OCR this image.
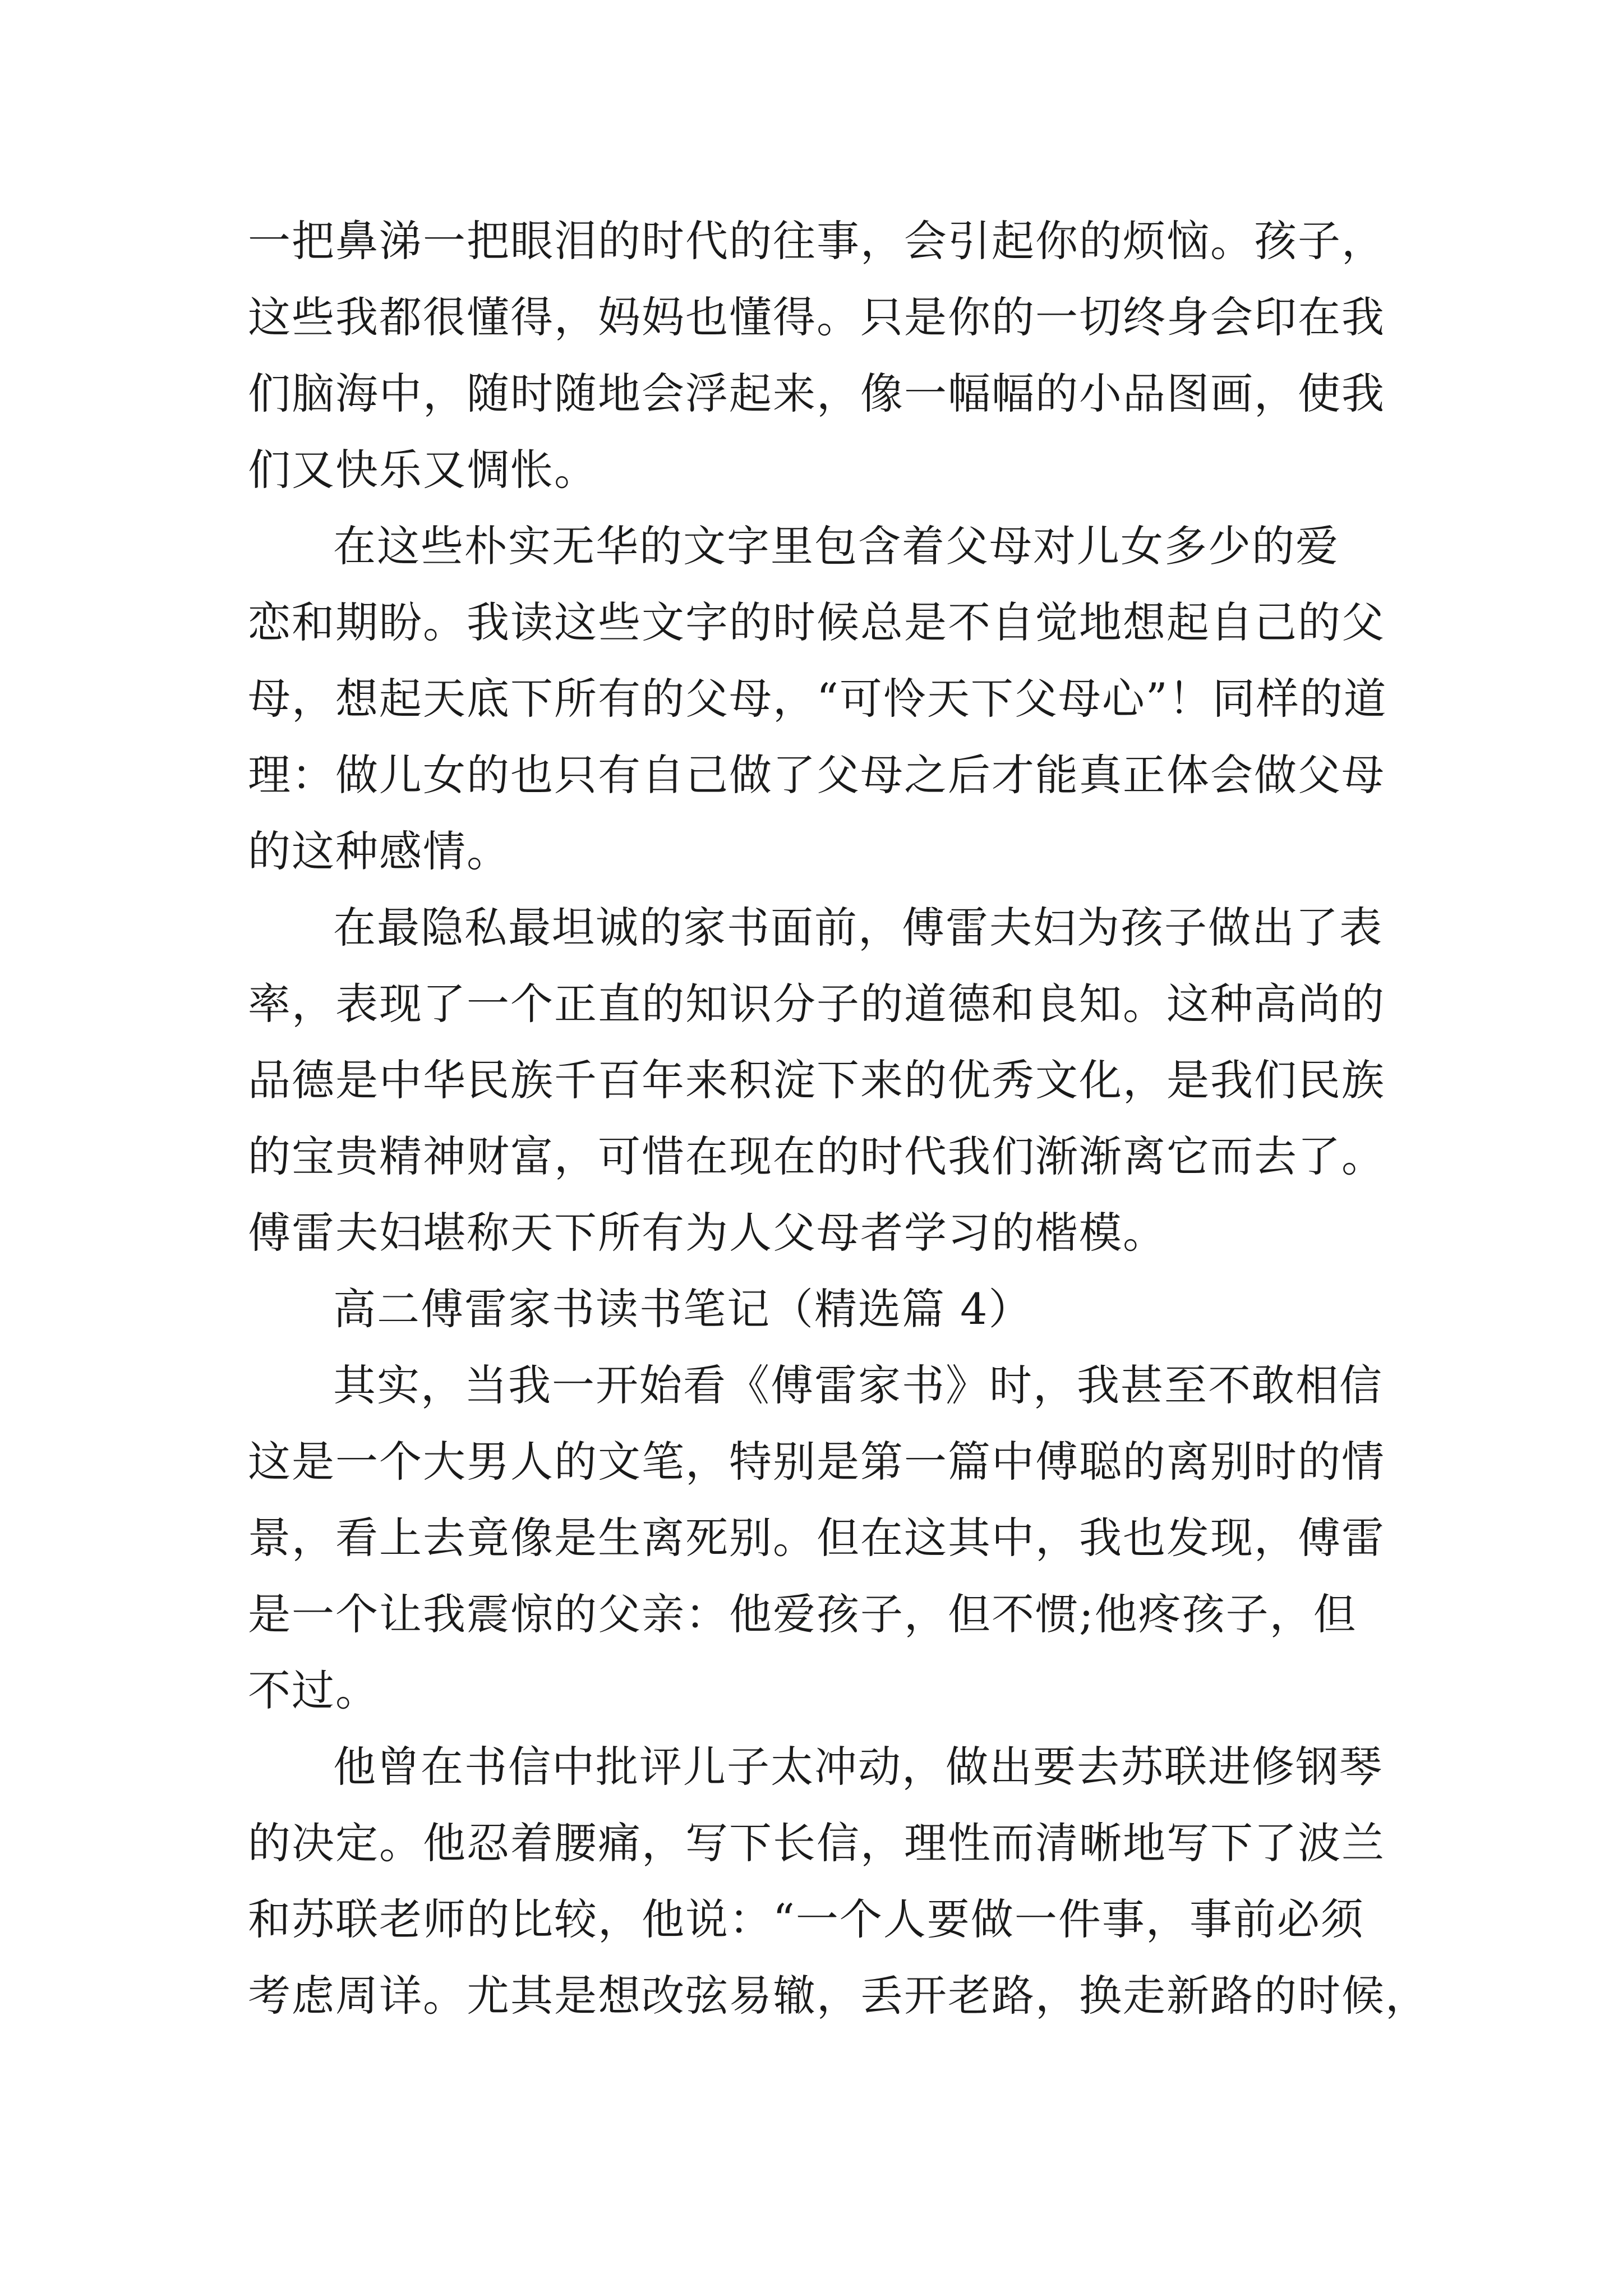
一把鼻涕一把眼泪的时代的往事，会引起你的烦恼。孩子，
这些我都很懂得，妈妈也懂得。只是你的一切终身会印在我
们脑海中，随时随地会浮起来，像一幅幅的小品图画，使我
们又快乐又惆怅。
在这些朴实无华的文字里包含着父母对儿女多少的爱
恋和期盼。我读这些文字的时候总是不自觉地想起自己的父
母，想起天底下所有的父母，“可怜天下父母心”！同样的道
理：做儿女的也只有自己做了父母之后才能真正体会做父母
的这种感情。
在最隐私最坦诚的家书面前，傅雷夫妇为孩子做出了表
率，表现了一个正直的知识分子的道德和良知。这种高尚的
品德是中华民族千百年来积淀下来的优秀文化，是我们民族
的宝贵精神财富，可惜在现在的时代我们渐渐离它而去了。
傅雷夫妇堪称天下所有为人父母者学习的楷模。
高二傅雷家书读书笔记（精选篇 4）
其实，当我一开始看《傅雷家书》时，我甚至不敢相信
这是一个大男人的文笔，特别是第一篇中傅聪的离别时的情
景，看上去竟像是生离死别。但在这其中，我也发现，傅雷
是一个让我震惊的父亲：他爱孩子，但不惯;他疼孩子，但
不过。
他曾在书信中批评儿子太冲动，做出要去苏联进修钢琴
的决定。他忍着腰痛，写下长信，理性而清晰地写下了波兰
和苏联老师的比较，他说：“一个人要做一件事，事前必须
考虑周详。尤其是想改弦易辙，丢开老路，换走新路的时候，
